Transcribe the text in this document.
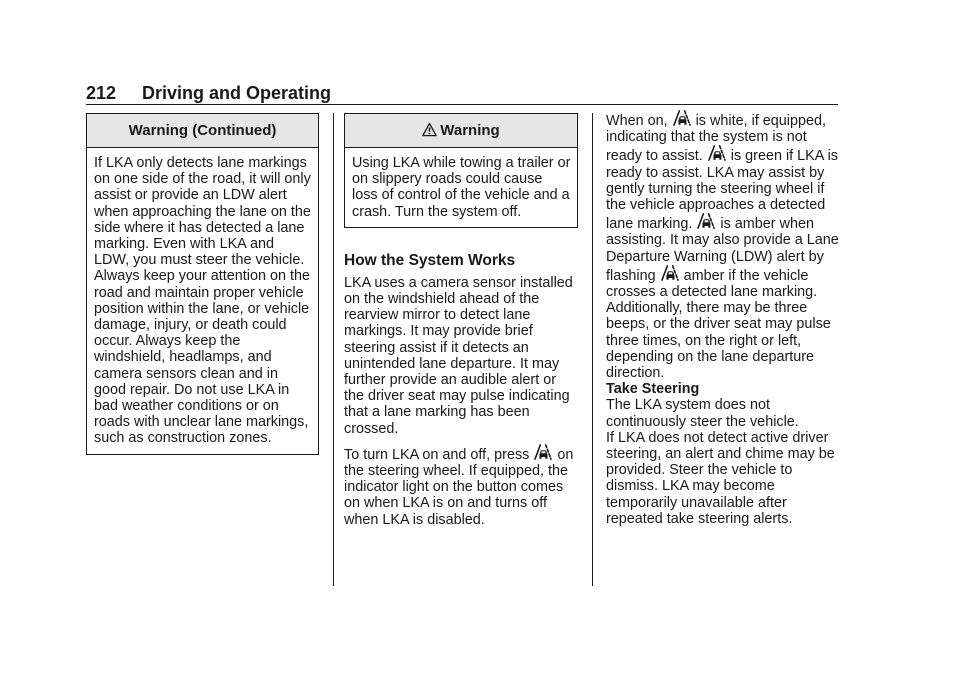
212 Driving and Operating
Warning (Continued)

If LKA only detects lane markings on one side of the road, it will only assist or provide an LDW alert when approaching the lane on the side where it has detected a lane marking. Even with LKA and LDW, you must steer the vehicle. Always keep your attention on the road and maintain proper vehicle position within the lane, or vehicle damage, injury, or death could occur. Always keep the windshield, headlamps, and camera sensors clean and in good repair. Do not use LKA in bad weather conditions or on roads with unclear lane markings, such as construction zones.

Warning

Using LKA while towing a trailer or on slippery roads could cause loss of control of the vehicle and a crash. Turn the system off.

How the System Works

LKA uses a camera sensor installed on the windshield ahead of the rearview mirror to detect lane markings. It may provide brief steering assist if it detects an unintended lane departure. It may further provide an audible alert or the driver seat may pulse indicating that a lane marking has been crossed.

To turn LKA on and off, press  on the steering wheel. If equipped, the indicator light on the button comes on when LKA is on and turns off when LKA is disabled.

When on,  is white, if equipped, indicating that the system is not ready to assist.  is green if LKA is ready to assist. LKA may assist by gently turning the steering wheel if the vehicle approaches a detected lane marking.  is amber when assisting. It may also provide a Lane Departure Warning (LDW) alert by flashing  amber if the vehicle crosses a detected lane marking. Additionally, there may be three beeps, or the driver seat may pulse three times, on the right or left, depending on the lane departure direction.

Take Steering

The LKA system does not continuously steer the vehicle.

If LKA does not detect active driver steering, an alert and chime may be provided. Steer the vehicle to dismiss. LKA may become temporarily unavailable after repeated take steering alerts.
